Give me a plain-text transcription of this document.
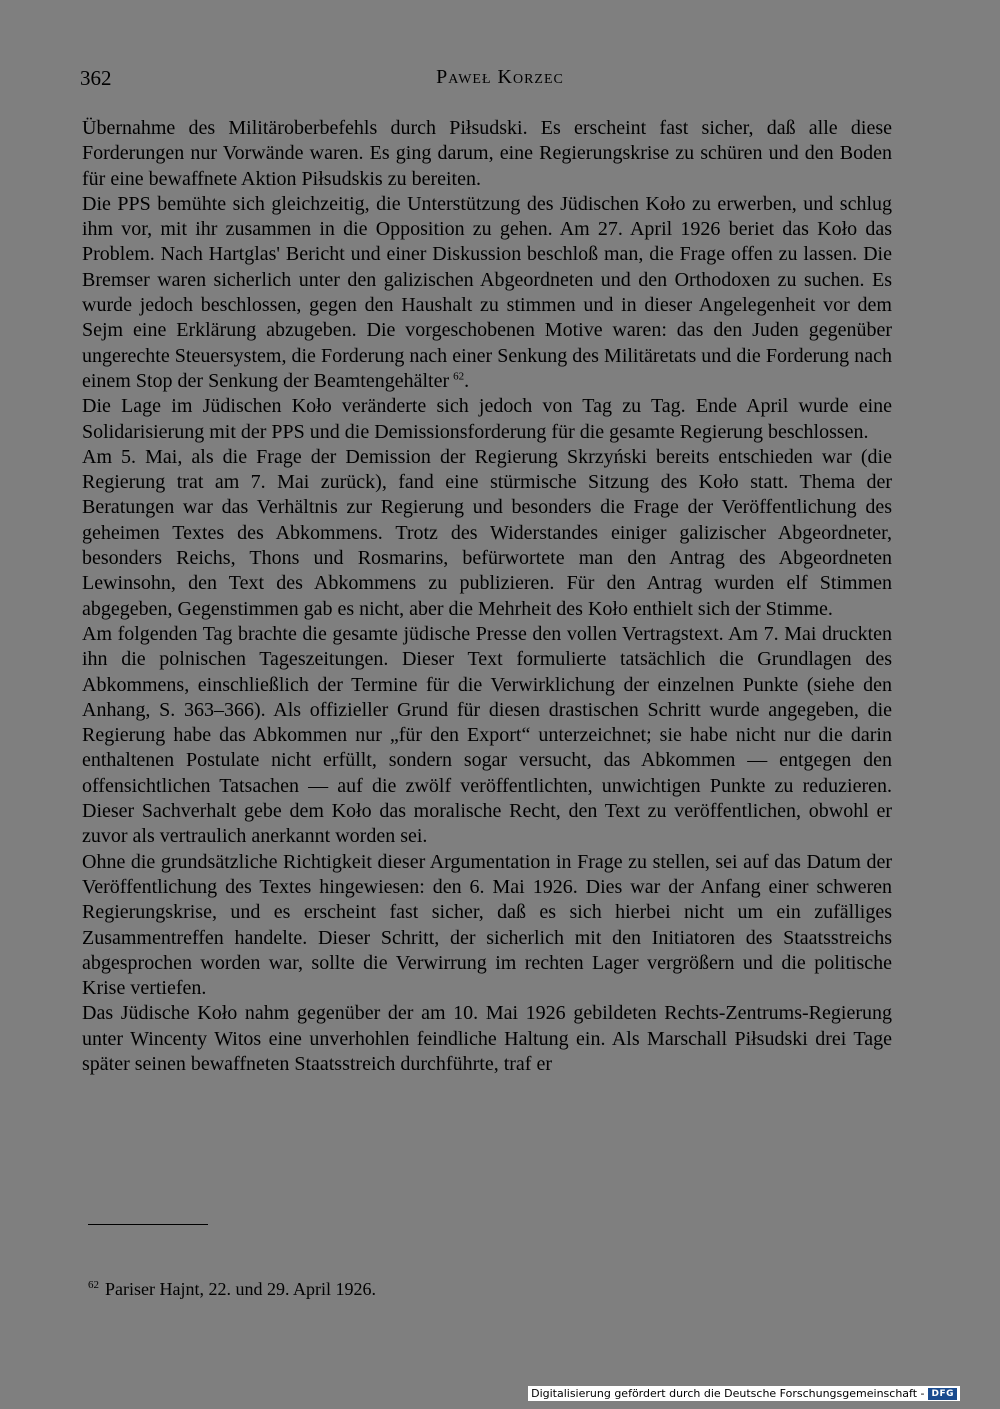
362	Paweł Korzec

Übernahme des Militäroberbefehls durch Piłsudski. Es erscheint fast sicher, daß alle diese Forderungen nur Vorwände waren. Es ging darum, eine Regierungskrise zu schüren und den Boden für eine bewaffnete Aktion Piłsudskis zu bereiten.

Die PPS bemühte sich gleichzeitig, die Unterstützung des Jüdischen Koło zu erwerben, und schlug ihm vor, mit ihr zusammen in die Opposition zu gehen. Am 27. April 1926 beriet das Koło das Problem. Nach Hartglas' Bericht und einer Diskussion beschloß man, die Frage offen zu lassen. Die Bremser waren sicherlich unter den galizischen Abgeordneten und den Orthodoxen zu suchen. Es wurde jedoch beschlossen, gegen den Haushalt zu stimmen und in dieser Angelegenheit vor dem Sejm eine Erklärung abzugeben. Die vorgeschobenen Motive waren: das den Juden gegenüber ungerechte Steuersystem, die Forderung nach einer Senkung des Militäretats und die Forderung nach einem Stop der Senkung der Beamtengehälter  $^{62}$.

Die Lage im Jüdischen Koło veränderte sich jedoch von Tag zu Tag. Ende April wurde eine Solidarisierung mit der PPS und die Demissionsforderung für die gesamte Regierung beschlossen.

Am 5. Mai, als die Frage der Demission der Regierung Skrzyński bereits entschieden war (die Regierung trat am 7. Mai zurück), fand eine stürmische Sitzung des Koło statt. Thema der Beratungen war das Verhältnis zur Regierung und besonders die Frage der Veröffentlichung des geheimen Textes des Abkommens. Trotz des Widerstandes einiger galizischer Abgeordneter, besonders Reichs, Thons und Rosmarins, befürwortete man den Antrag des Abgeordneten Lewinsohn, den Text des Abkommens zu publizieren. Für den Antrag wurden elf Stimmen abgegeben, Gegenstimmen gab es nicht, aber die Mehrheit des Koło enthielt sich der Stimme.

Am folgenden Tag brachte die gesamte jüdische Presse den vollen Vertragstext. Am 7. Mai druckten ihn die polnischen Tageszeitungen. Dieser Text formulierte tatsächlich die Grundlagen des Abkommens, einschließlich der Termine für die Verwirklichung der einzelnen Punkte (siehe den Anhang, S. 363–366). Als offizieller Grund für diesen drastischen Schritt wurde angegeben, die Regierung habe das Abkommen nur „für den Export“ unterzeichnet; sie habe nicht nur die darin enthaltenen Postulate nicht erfüllt, sondern sogar versucht, das Abkommen — entgegen den offensichtlichen Tatsachen — auf die zwölf veröffentlichten, unwichtigen Punkte zu reduzieren. Dieser Sachverhalt gebe dem Koło das moralische Recht, den Text zu veröffentlichen, obwohl er zuvor als vertraulich anerkannt worden sei.

Ohne die grundsätzliche Richtigkeit dieser Argumentation in Frage zu stellen, sei auf das Datum der Veröffentlichung des Textes hingewiesen: den 6. Mai 1926. Dies war der Anfang einer schweren Regierungskrise, und es erscheint fast sicher, daß es sich hierbei nicht um ein zufälliges Zusammentreffen handelte. Dieser Schritt, der sicherlich mit den Initiatoren des Staatsstreichs abgesprochen worden war, sollte die Verwirrung im rechten Lager vergrößern und die politische Krise vertiefen.

Das Jüdische Koło nahm gegenüber der am 10. Mai 1926 gebildeten Rechts-Zentrums-Regierung unter Wincenty Witos eine unverhohlen feindliche Haltung ein. Als Marschall Piłsudski drei Tage später seinen bewaffneten Staatsstreich durchführte, traf er

$^{62}$ Pariser Hajnt, 22. und 29. April 1926.
Digitalisierung gefördert durch die Deutsche Forschungsgemeinschaft - DFG
